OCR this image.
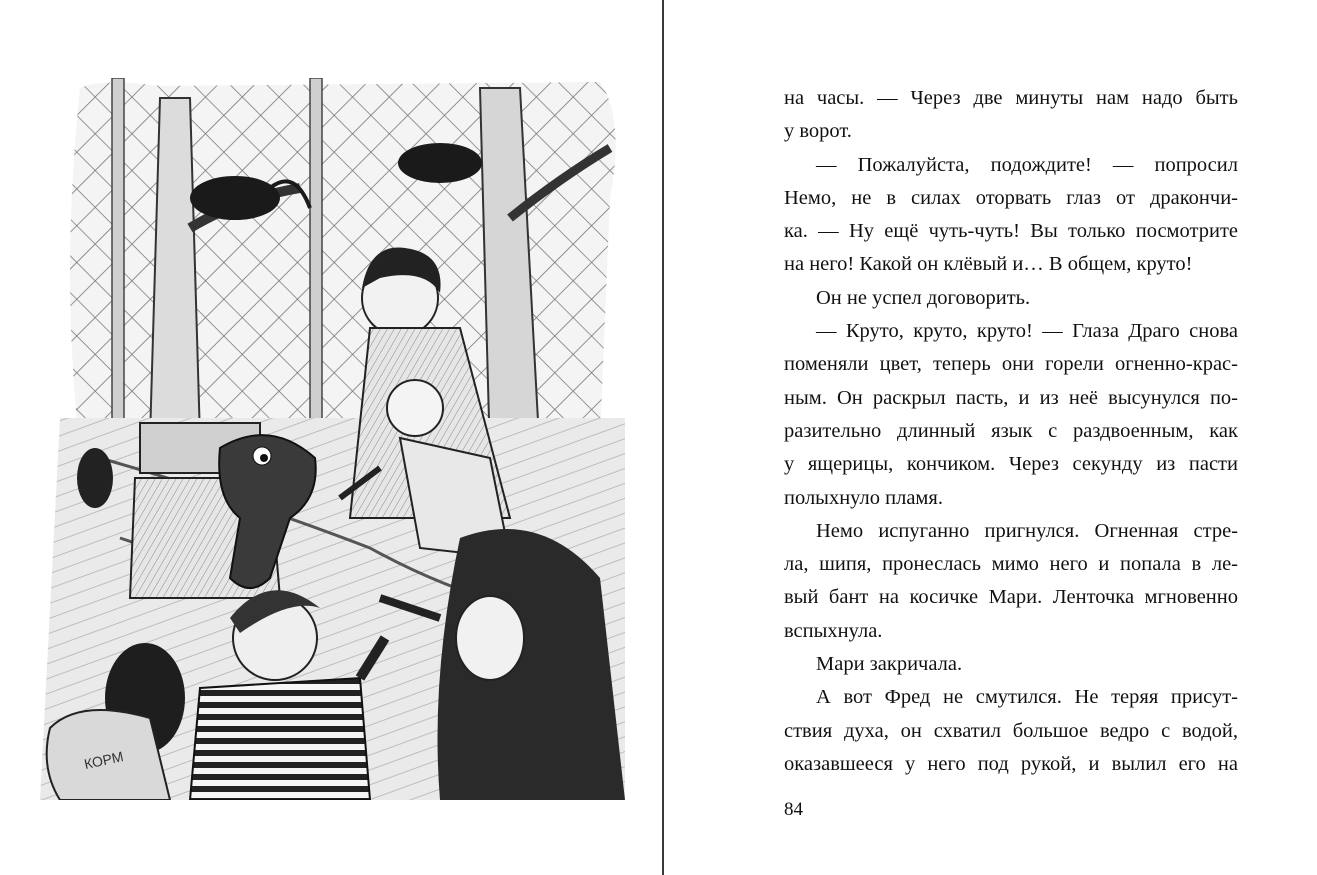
КОРМ

на часы. — Через две минуты нам надо быть
у ворот.

— Пожалуйста, подождите! — попросил
Немо, не в силах оторвать глаз от дракончи-
ка. — Ну ещё чуть-чуть! Вы только посмотрите
на него! Какой он клёвый и… В общем, круто!

Он не успел договорить.

— Круто, круто, круто! — Глаза Драго снова
поменяли цвет, теперь они горели огненно-крас-
ным. Он раскрыл пасть, и из неё высунулся по-
разительно длинный язык с раздвоенным, как
у ящерицы, кончиком. Через секунду из пасти
полыхнуло пламя.

Немо испуганно пригнулся. Огненная стре-
ла, шипя, пронеслась мимо него и попала в ле-
вый бант на косичке Мари. Ленточка мгновенно
вспыхнула.

Мари закричала.

А вот Фред не смутился. Не теряя присут-
ствия духа, он схватил большое ведро с водой,
оказавшееся у него под рукой, и вылил его на

84
